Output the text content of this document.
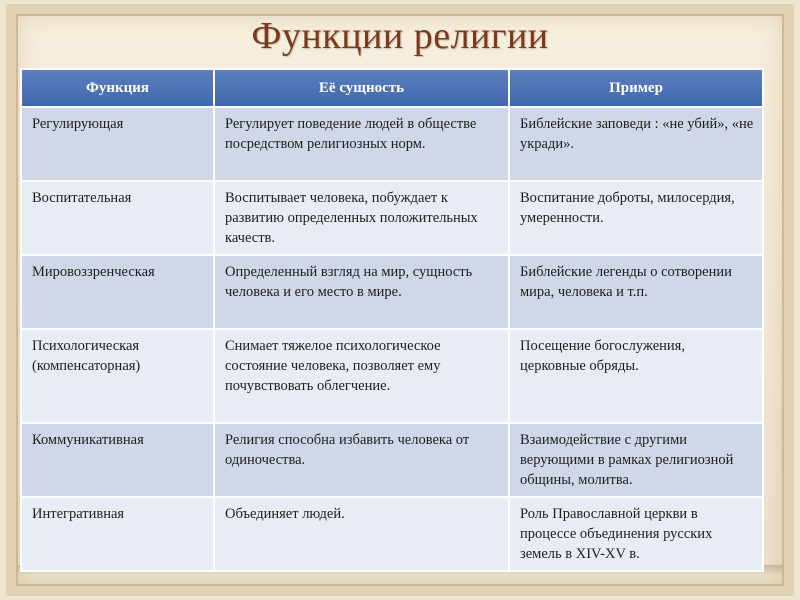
Функции религии
Функция	Её сущность	Пример
Регулирующая	Регулирует поведение людей в обществе посредством религиозных норм.	Библейские заповеди : «не убий», «не укради».
Воспитательная	Воспитывает человека, побуждает к развитию определенных положительных качеств.	Воспитание доброты, милосердия, умеренности.
Мировоззренческая	Определенный взгляд на мир, сущность человека и его место в мире.	Библейские легенды о сотворении мира, человека и т.п.
Психологическая (компенсаторная)	Снимает тяжелое психологическое состояние человека, позволяет ему почувствовать облегчение.	Посещение богослужения, церковные обряды.
Коммуникативная	Религия способна избавить человека от одиночества.	Взаимодействие с другими верующими в рамках религиозной общины, молитва.
Интегративная	Объединяет людей.	Роль Православной церкви в процессе объединения русских земель в XIV-XV в.
